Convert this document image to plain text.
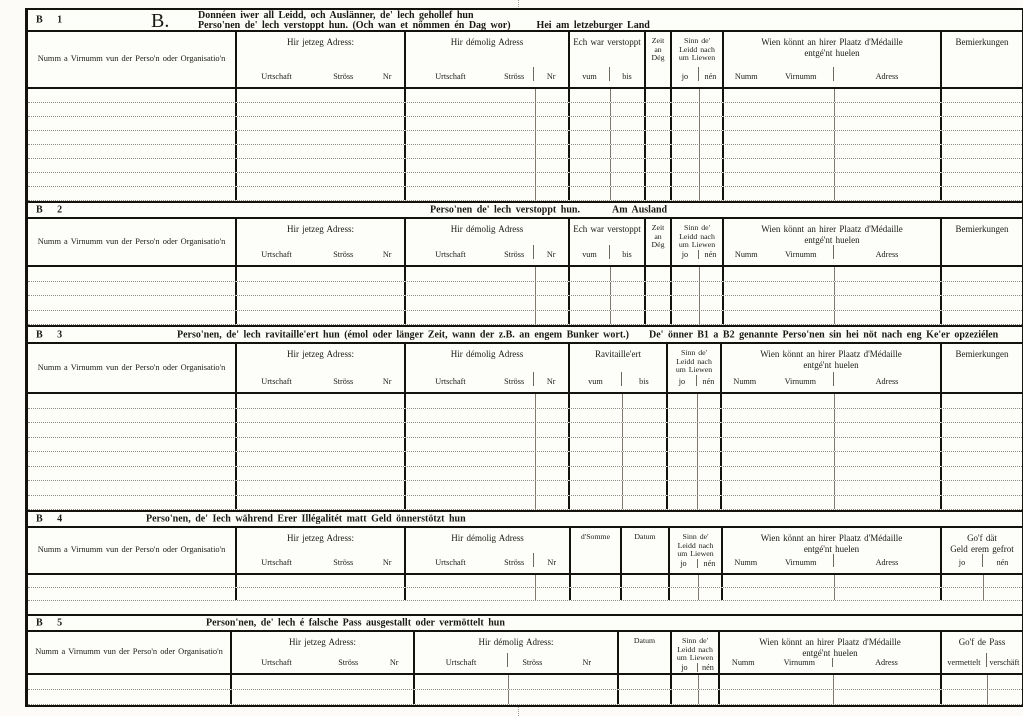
B 1	B.	Donnéen iwer all Leidd, och Auslänner, de' lech gehollef hun
Perso'nen de' lech verstoppt hun. (Och wan et nömmen én Dag wor)	Hei am letzeburger Land
Numm a Virnumm vun der Perso'n oder Organisatio'n
Hir jetzeg Adress:
Urtschaft	Ströss	Nr
Hir démolig Adress
Urtschaft	Ströss	Nr
Ech war verstoppt
vum	bis
Zeit
an
Dég
Sinn de'
Leidd nach
um Liewen
jo	nén
Wien könnt an hirer Plaatz d'Médaille
entgé'nt huelen
Numm	Virnumm	Adress
Bemierkungen
B 2	Perso'nen de' lech verstoppt hun.	Am Ausland
Numm a Virnumm vun der Perso'n oder Organisatio'n
Hir jetzeg Adress:
Urtschaft	Ströss	Nr
Hir démolig Adress
Urtschaft	Ströss	Nr
Ech war verstoppt
vum	bis
Zeit
an
Dég
Sinn de'
Leidd nach
um Liewen
jo	nén
Wien könnt an hirer Plaatz d'Médaille
entgé'nt huelen
Numm	Virnumm	Adress
Bemierkungen
B 3	Perso'nen, de' lech ravitaille'ert hun (émol oder länger Zeit, wann der z.B. an engem Bunker wort.) De' önner B1 a B2 genannte Perso'nen sin hei nöt nach eng Ke'er opzeziélen
Numm a Virnumm vun der Perso'n oder Organisatio'n
Hir jetzeg Adress:
Urtschaft	Ströss	Nr
Hir démolig Adress
Urtschaft	Ströss	Nr
Ravitaille'ert
vum	bis
Sinn de'
Leidd nach
um Liewen
jo	nén
Wien könnt an hirer Plaatz d'Médaille
entgé'nt huelen
Numm	Virnumm	Adress
Bemierkungen
B 4	Perso'nen, de' Iech während Erer Illégalitét matt Geld önnerstötzt hun
Numm a Virnumm vun der Perso'n oder Organisatio'n
Hir jetzeg Adress:
Urtschaft	Ströss	Nr
Hir démolig Adress
Urtschaft	Ströss	Nr
d'Somme	Datum	Sinn de'
Leidd nach
um Liewen
jo	nén
Wien könnt an hirer Plaatz d'Médaille
entgé'nt huelen
Numm	Virnumm	Adress
Go'f dät
Geld erem gefrot
jo	nén
B 5	Person'nen, de' lech é falsche Pass ausgestallt oder vermöttelt hun
Numm a Virnumm vun der Perso'n oder Organisatio'n
Hir jetzeg Adress:
Urtschaft	Ströss	Nr
Hir démolig Adress:
Urtschaft	Ströss	Nr
Datum	Sinn de'
Leidd nach
um Liewen
jo	nén
Wien könnt an hirer Plaatz d'Médaille
entgé'nt huelen
Numm	Virnumm	Adress
Go'f de Pass
vermettelt	verschäft
